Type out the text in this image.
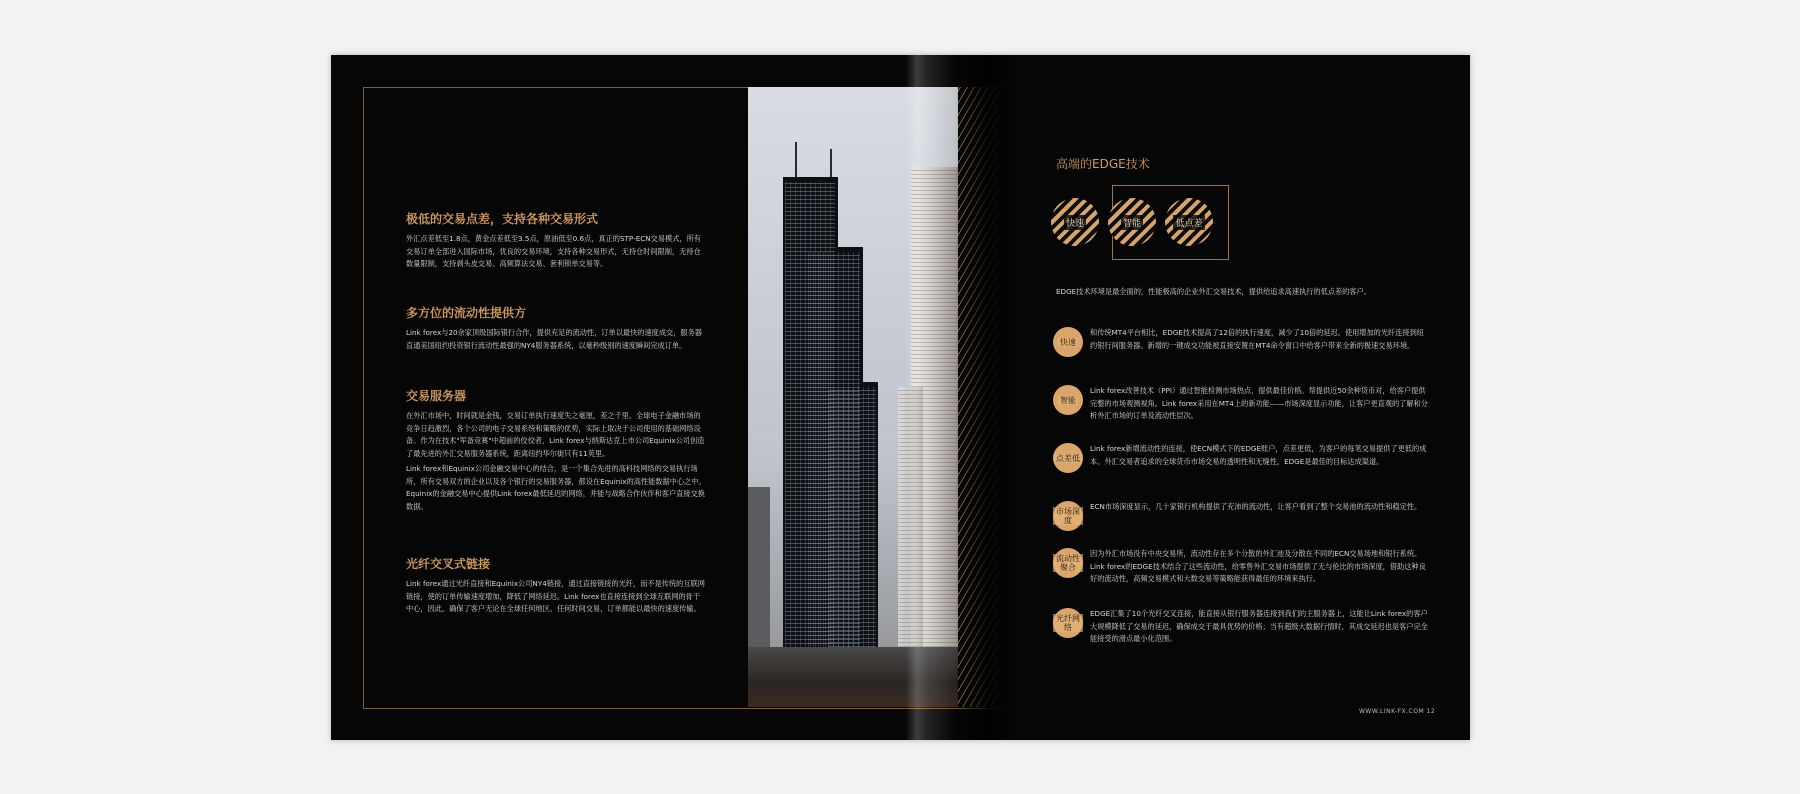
极低的交易点差，支持各种交易形式

外汇点差低至1.8点，黄金点差低至3.5点，原油低至0.6点，真正的STP-ECN交易模式，所有交易订单全部进入国际市场，优良的交易环境，支持各种交易形式，无持仓时间限制，无持仓数量限制，支持剥头皮交易、高频算法交易、套利锁单交易等。

多方位的流动性提供方

Link forex与20余家顶级国际银行合作，提供充足的流动性，订单以最快的速度成交，服务器直通美国纽约投资银行流动性最强的NY4服务器系统，以毫秒级别的速度瞬间完成订单。

交易服务器

在外汇市场中，时间就是金钱，交易订单执行速度失之毫厘，差之千里。全球电子金融市场的竞争日趋激烈，各个公司的电子交易系统和策略的优势，实际上取决于公司使用的基础网络设备。作为在技术"军备竞赛"中超前的佼佼者，Link forex与纳斯达克上市公司Equinix公司创造了最先进的外汇交易服务器系统，距离纽约华尔街只有11英里。

Link forex和Equinix公司金融交易中心的结合，是一个集合先进的高科技网络的交易执行场所，所有交易双方的企业以及各个银行的交易服务器，都设在Equinix的高性能数据中心之中。Equinix的金融交易中心提供Link forex最低延迟的网络，并能与战略合作伙伴和客户直接交换数据。

光纤交叉式链接

Link forex通过光纤直接和Equinix公司NY4链接，通过直接链接的光纤，而不是传统的互联网链接，使的订单传输速度增加，降低了网络延迟。Link forex也直接连接到全球互联网的骨干中心，因此，确保了客户无论在全球任何地区、任何时间交易，订单都能以最快的速度传输。

高端的EDGE技术
快速	智能	低点差
EDGE技术环境是最全面的，性能极高的企业外汇交易技术，提供给追求高速执行的低点差的客户。
快速

和传统MT4平台相比，EDGE技术提高了12倍的执行速度，减少了10倍的延迟。使用增加的光纤连接到纽约银行间服务器。新增的一键成交功能被直接安置在MT4命令窗口中给客户带来全新的极速交易环境。

智能

Link forex改善技术（PPI）通过智能检测市场热点，提供最佳价格。帮提供近50余种货币对，给客户提供完整的市场观测视角。Link forex采用在MT4上的新功能——市场深度显示功能，让客户更直观的了解和分析外汇市场的订单及流动性层次。

点差低

Link forex新增流动性的连接，使ECN模式下的EDGE账户，点差更低，为客户的每笔交易提供了更低的成本。外汇交易者追求的全球货币市场交易的透明性和无缝性，EDGE是最佳的目标达成渠道。

市场深度

ECN市场深度显示，几十家银行机构提供了充沛的流动性，让客户看到了整个交易池的流动性和稳定性。

流动性聚合

因为外汇市场没有中央交易所，流动性存在多个分散的外汇池及分散在不同的ECN交易场地和银行系统。Link forex的EDGE技术结合了这些流动性，给零售外汇交易市场提供了无与伦比的市场深度，借助这种良好的流动性，高频交易模式和大数交易等策略能获得最佳的环境来执行。

光纤网络

EDGE汇集了10个光纤交叉连接，能直接从银行服务器连接到我们的主服务器上，这能让Link forex的客户大规模降低了交易的延迟，确保成交于最具优势的价格；当有超级大数据行情时，其成交延迟也是客户完全能接受的滑点最小化范围。

WWW.LINK-FX.COM 12
